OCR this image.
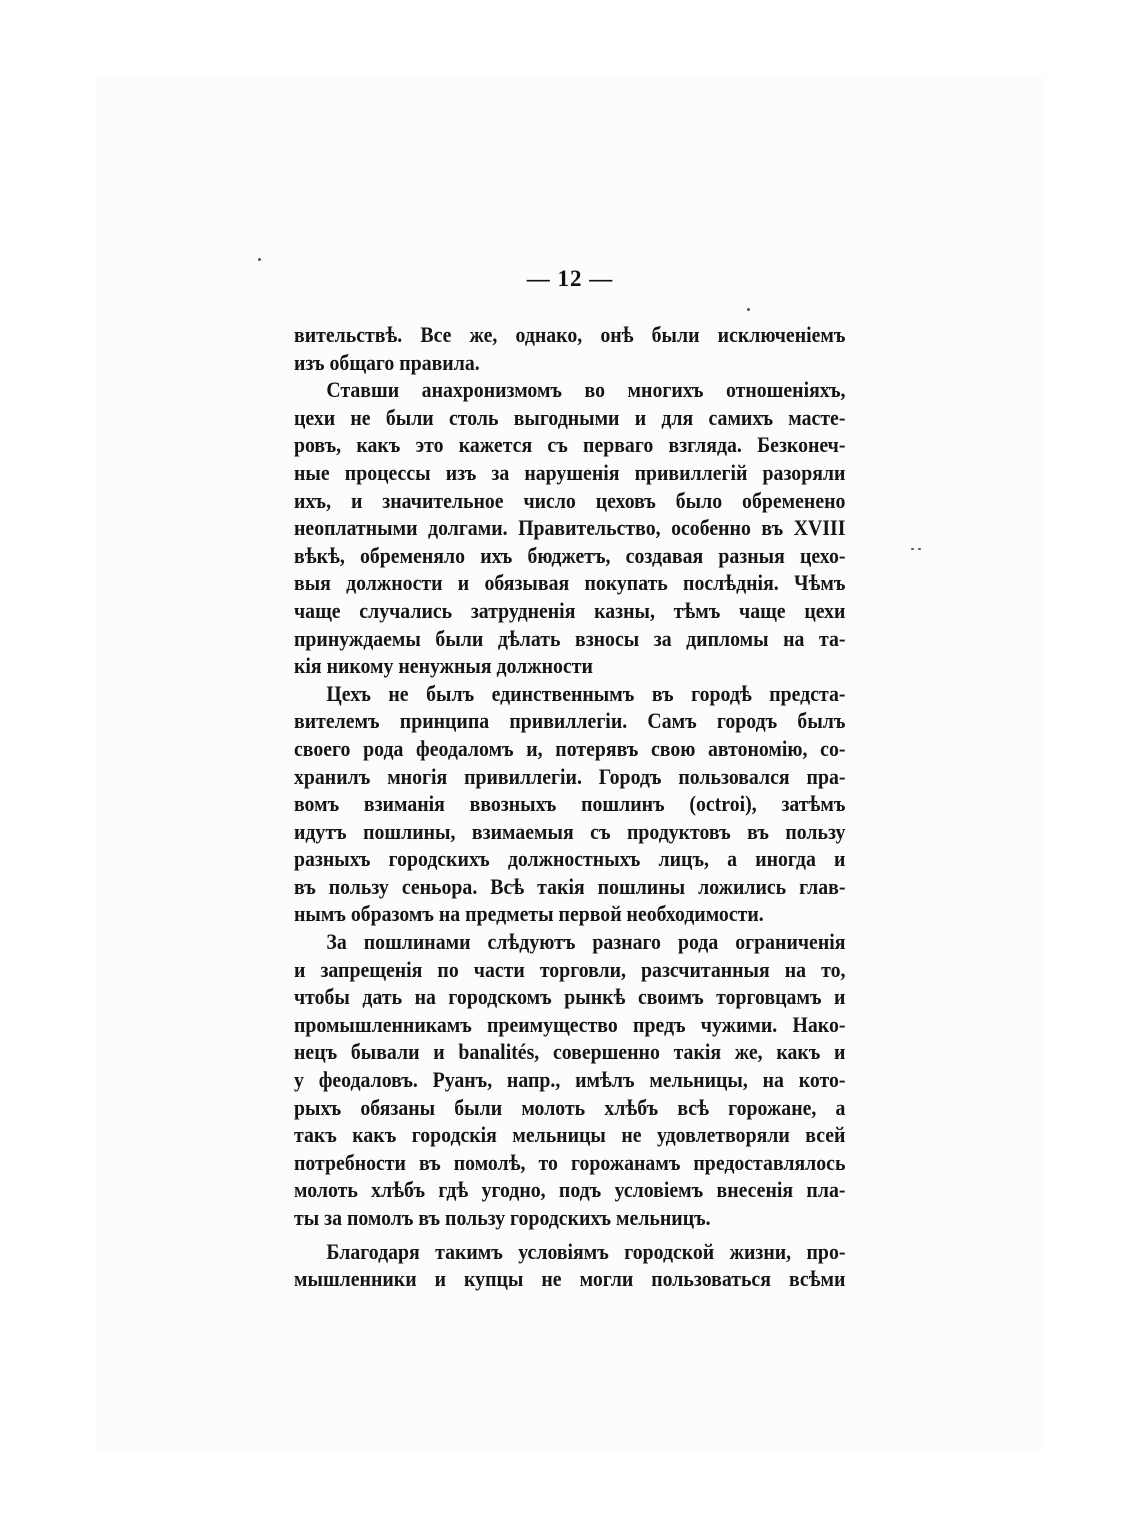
— 12 —
вительствѣ. Все же, однако, онѣ были исключеніемъ
изъ общаго правила.
Ставши анахронизмомъ во многихъ отношеніяхъ,
цехи не были столь выгодными и для самихъ масте-
ровъ, какъ это кажется съ перваго взгляда. Безконеч-
ные процессы изъ за нарушенія привиллегій разоряли
ихъ, и значительное число цеховъ было обременено
неоплатными долгами. Правительство, особенно въ XVIII
вѣкѣ, обременяло ихъ бюджетъ, создавая разныя цехо-
выя должности и обязывая покупать послѣднія. Чѣмъ
чаще случались затрудненія казны, тѣмъ чаще цехи
принуждаемы были дѣлать взносы за дипломы на та-
кія никому ненужныя должности
Цехъ не былъ единственнымъ въ городѣ предста-
вителемъ принципа привиллегіи. Самъ городъ былъ
своего рода феодаломъ и, потерявъ свою автономію, со-
хранилъ многія привиллегіи. Городъ пользовался пра-
вомъ взиманія ввозныхъ пошлинъ (octroi), затѣмъ
идутъ пошлины, взимаемыя съ продуктовъ въ пользу
разныхъ городскихъ должностныхъ лицъ, а иногда и
въ пользу сеньора. Всѣ такія пошлины ложились глав-
нымъ образомъ на предметы первой необходимости.
За пошлинами слѣдуютъ разнаго рода ограниченія
и запрещенія по части торговли, разсчитанныя на то,
чтобы дать на городскомъ рынкѣ своимъ торговцамъ и
промышленникамъ преимущество предъ чужими. Нако-
нецъ бывали и banalités, совершенно такія же, какъ и
у феодаловъ. Руанъ, напр., имѣлъ мельницы, на кото-
рыхъ обязаны были молоть хлѣбъ всѣ горожане, а
такъ какъ городскія мельницы не удовлетворяли всей
потребности въ помолѣ, то горожанамъ предоставлялось
молоть хлѣбъ гдѣ угодно, подъ условіемъ внесенія пла-
ты за помолъ въ пользу городскихъ мельницъ.
Благодаря такимъ условіямъ городской жизни, про-
мышленники и купцы не могли пользоваться всѣми
